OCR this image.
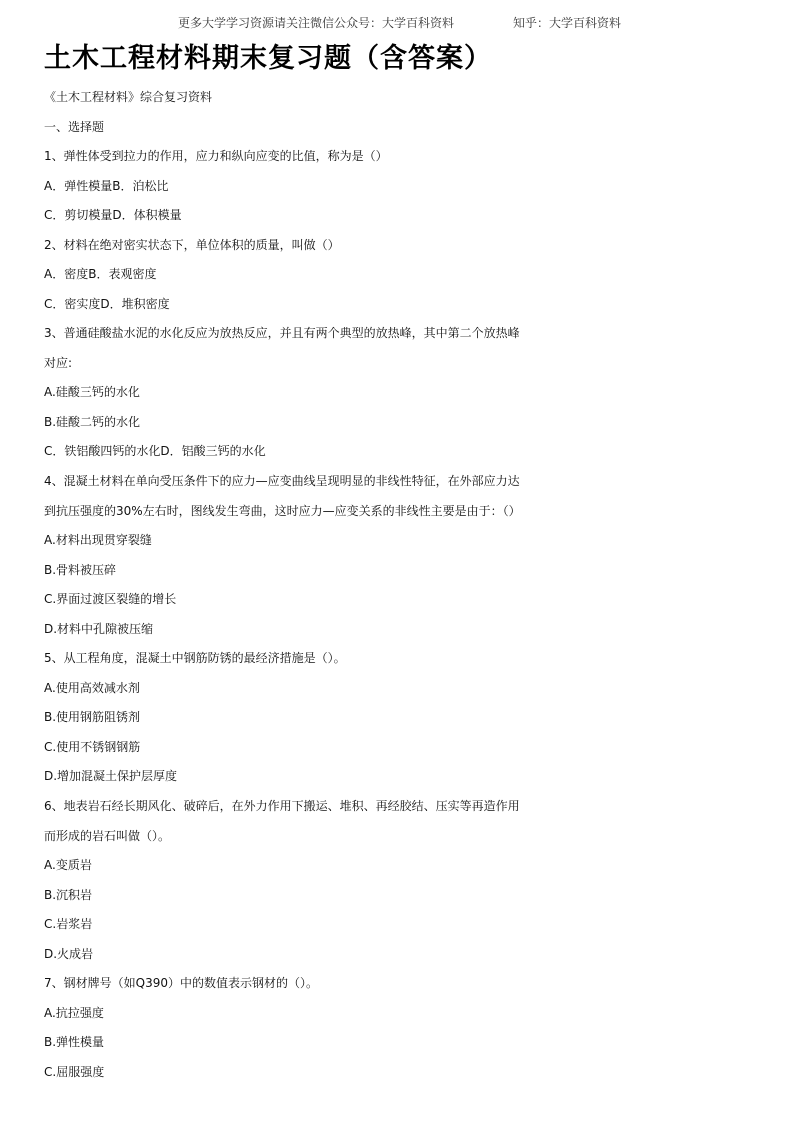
更多大学学习资源请关注微信公众号：大学百科资料	知乎：大学百科资料
土木工程材料期末复习题（含答案）
《土木工程材料》综合复习资料
一、选择题
1、弹性体受到拉力的作用，应力和纵向应变的比值，称为是（）
A．弹性模量B．泊松比
C．剪切模量D．体积模量
2、材料在绝对密实状态下，单位体积的质量，叫做（）
A．密度B．表观密度
C．密实度D．堆积密度
3、普通硅酸盐水泥的水化反应为放热反应，并且有两个典型的放热峰，其中第二个放热峰
对应:
A.硅酸三钙的水化
B.硅酸二钙的水化
C．铁铝酸四钙的水化D．铝酸三钙的水化
4、混凝土材料在单向受压条件下的应力—应变曲线呈现明显的非线性特征，在外部应力达
到抗压强度的30%左右时，图线发生弯曲，这时应力—应变关系的非线性主要是由于：（）
A.材料出现贯穿裂缝
B.骨料被压碎
C.界面过渡区裂缝的增长
D.材料中孔隙被压缩
5、从工程角度，混凝土中钢筋防锈的最经济措施是（）。
A.使用高效减水剂
B.使用钢筋阻锈剂
C.使用不锈钢钢筋
D.增加混凝土保护层厚度
6、地表岩石经长期风化、破碎后，在外力作用下搬运、堆积、再经胶结、压实等再造作用
而形成的岩石叫做（）。
A.变质岩
B.沉积岩
C.岩浆岩
D.火成岩
7、钢材牌号（如Q390）中的数值表示钢材的（）。
A.抗拉强度
B.弹性模量
C.屈服强度
